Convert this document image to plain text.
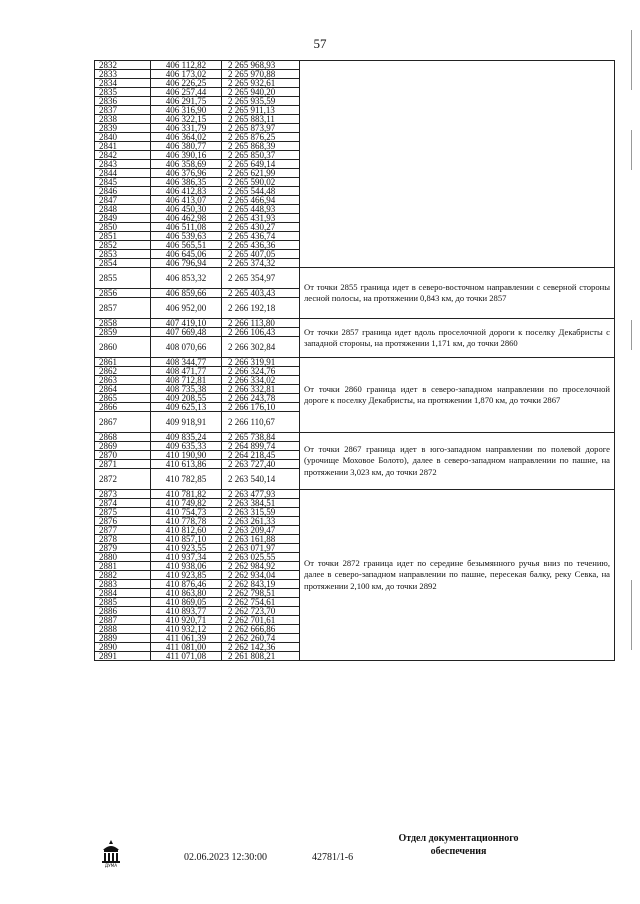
57
2832	406 112,82	2 265 968,93	
2833	406 173,02	2 265 970,88	
2834	406 226,25	2 265 932,61	
2835	406 257,44	2 265 940,20	
2836	406 291,75	2 265 935,59	
2837	406 316,90	2 265 911,13	
2838	406 322,15	2 265 883,11	
2839	406 331,79	2 265 873,97	
2840	406 364,02	2 265 876,25	
2841	406 380,77	2 265 868,39	
2842	406 390,16	2 265 850,37	
2843	406 358,69	2 265 649,14	
2844	406 376,96	2 265 621,99	
2845	406 386,35	2 265 590,02	
2846	406 412,83	2 265 544,48	
2847	406 413,07	2 265 466,94	
2848	406 450,30	2 265 448,93	
2849	406 462,98	2 265 431,93	
2850	406 511,08	2 265 430,27	
2851	406 539,63	2 265 436,74	
2852	406 565,51	2 265 436,36	
2853	406 645,06	2 265 407,05	
2854	406 796,94	2 265 374,32	
2855	406 853,32	2 265 354,97	От точки 2855 граница идет в северо-восточном направлении с северной стороны лесной полосы, на протяжении 0,843 км, до точки 2857
2856	406 859,66	2 265 403,43	
2857	406 952,00	2 266 192,18	
2858	407 419,10	2 266 113,80	От точки 2857 граница идет вдоль проселочной дороги к поселку Декабристы с западной стороны, на протяжении 1,171 км, до точки 2860
2859	407 669,48	2 266 106,43	
2860	408 070,66	2 266 302,84	
2861	408 344,77	2 266 319,91	От точки 2860 граница идет в северо-западном направлении по проселочной дороге к поселку Декабристы, на протяжении 1,870 км, до точки 2867
2862	408 471,77	2 266 324,76	
2863	408 712,81	2 266 334,02	
2864	408 735,38	2 266 332,81	
2865	409 208,55	2 266 243,78	
2866	409 625,13	2 266 176,10	
2867	409 918,91	2 266 110,67	
2868	409 835,24	2 265 738,84	От точки 2867 граница идет в юго-западном направлении по полевой дороге (урочище Моховое Болото), далее в северо-западном направлении по пашне, на протяжении 3,023 км, до точки 2872
2869	409 635,33	2 264 899,74	
2870	410 190,90	2 264 218,45	
2871	410 613,86	2 263 727,40	
2872	410 782,85	2 263 540,14	
2873	410 781,82	2 263 477,93	От точки 2872 граница идет по середине безымянного ручья вниз по течению, далее в северо-западном направлении по пашне, пересекая балку, реку Севка, на протяжении 2,100 км, до точки 2892
2874	410 749,82	2 263 384,51	
2875	410 754,73	2 263 315,59	
2876	410 778,78	2 263 261,33	
2877	410 812,60	2 263 209,47	
2878	410 857,10	2 263 161,88	
2879	410 923,55	2 263 071,97	
2880	410 937,34	2 263 025,55	
2881	410 938,06	2 262 984,92	
2882	410 923,85	2 262 934,04	
2883	410 876,46	2 262 843,19	
2884	410 863,80	2 262 798,51	
2885	410 869,05	2 262 754,61	
2886	410 893,77	2 262 723,70	
2887	410 920,71	2 262 701,61	
2888	410 932,12	2 262 666,86	
2889	411 061,39	2 262 260,74	
2890	411 081,00	2 262 142,36	
2891	411 071,08	2 261 808,21	
ДУМА
Отдел документационного обеспечения
02.06.2023 12:30:00	42781/1-6
